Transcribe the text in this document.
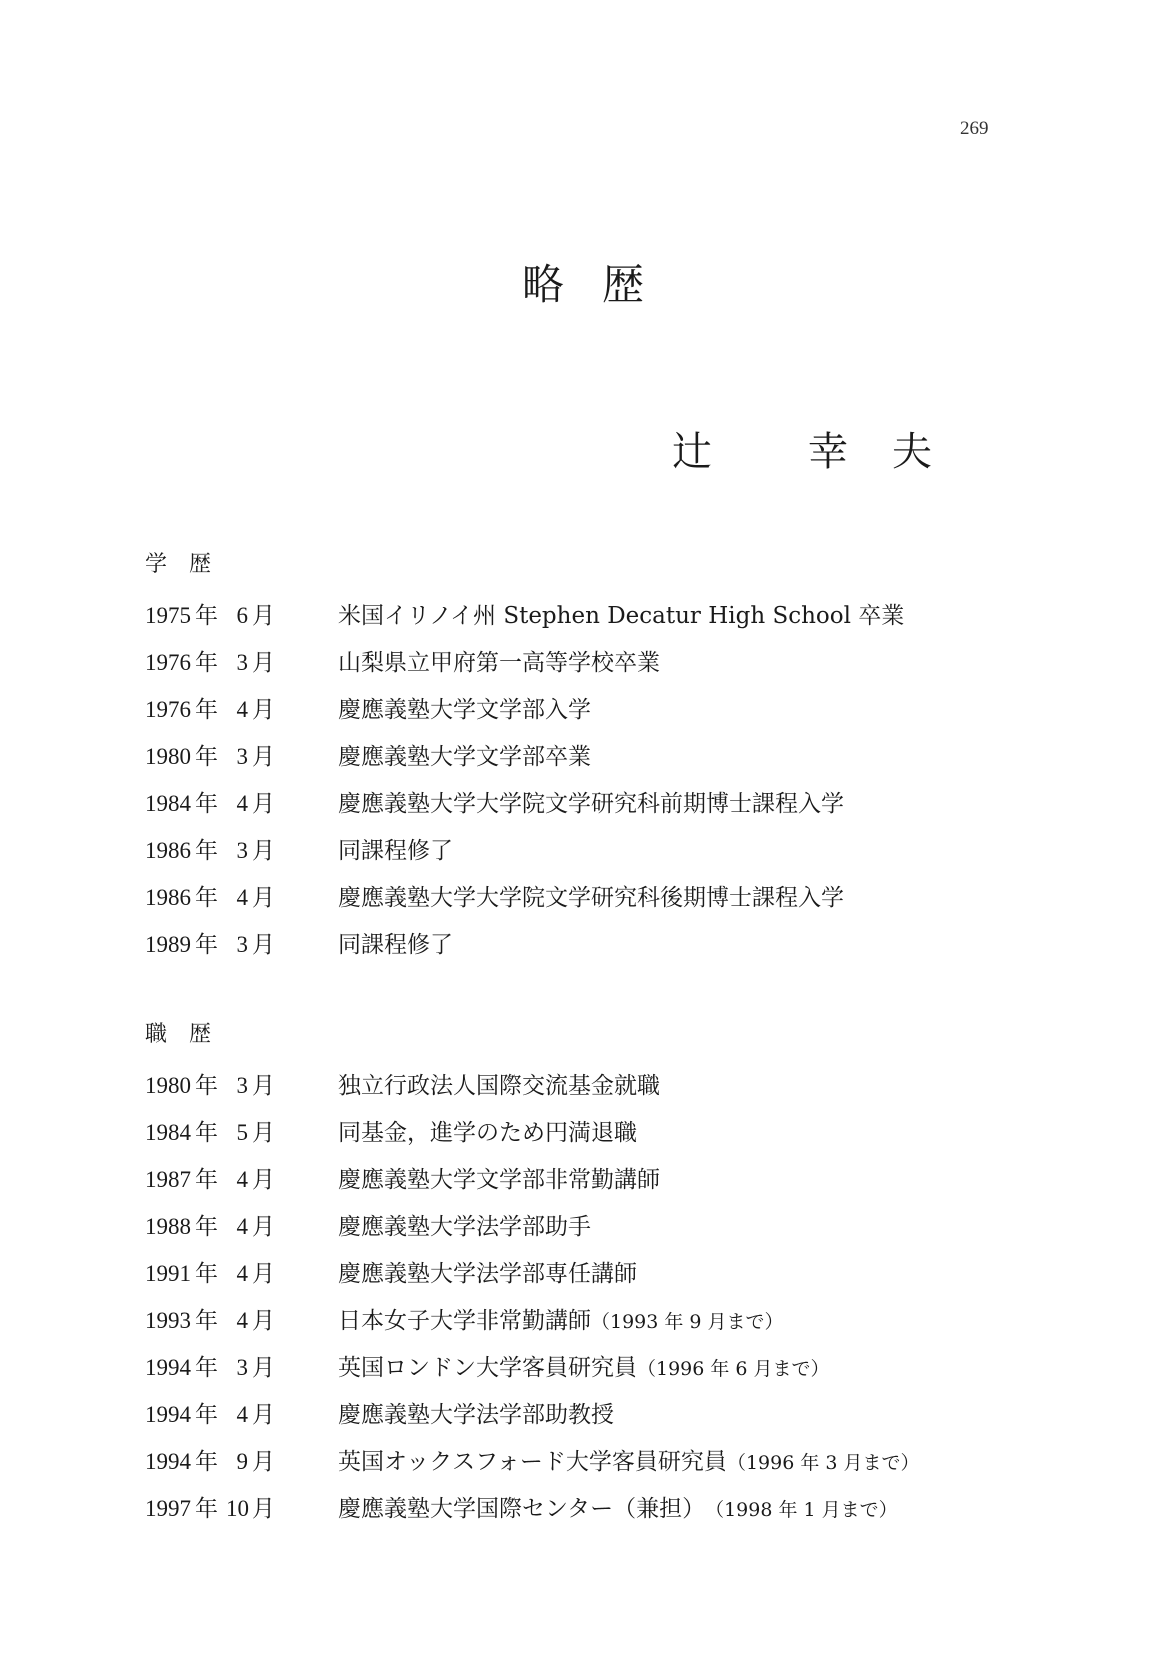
269
略歴
辻 幸夫
学歴
1975 年 6 月	米国イリノイ州 Stephen Decatur High School 卒業
1976 年 3 月	山梨県立甲府第一高等学校卒業
1976 年 4 月	慶應義塾大学文学部入学
1980 年 3 月	慶應義塾大学文学部卒業
1984 年 4 月	慶應義塾大学大学院文学研究科前期博士課程入学
1986 年 3 月	同課程修了
1986 年 4 月	慶應義塾大学大学院文学研究科後期博士課程入学
1989 年 3 月	同課程修了
職歴
1980 年 3 月	独立行政法人国際交流基金就職
1984 年 5 月	同基金，進学のため円満退職
1987 年 4 月	慶應義塾大学文学部非常勤講師
1988 年 4 月	慶應義塾大学法学部助手
1991 年 4 月	慶應義塾大学法学部専任講師
1993 年 4 月	日本女子大学非常勤講師 （1993 年 9 月まで）
1994 年 3 月	英国ロンドン大学客員研究員 （1996 年 6 月まで）
1994 年 4 月	慶應義塾大学法学部助教授
1994 年 9 月	英国オックスフォード大学客員研究員 （1996 年 3 月まで）
1997 年 10 月	慶應義塾大学国際センター（兼担） （1998 年 1 月まで）
